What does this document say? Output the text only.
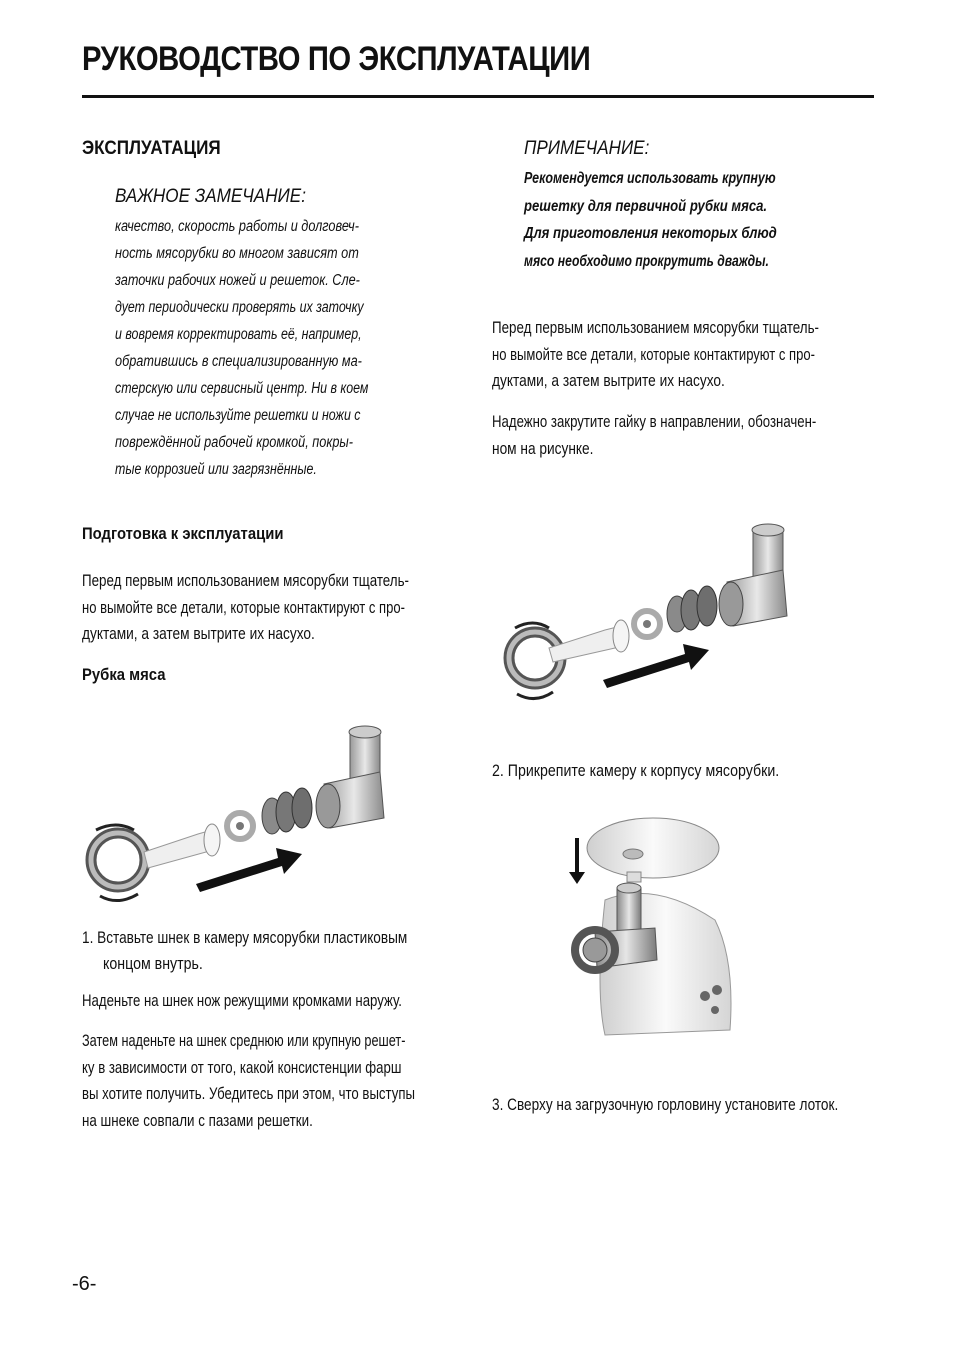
РУКОВОДСТВО ПО ЭКСПЛУАТАЦИИ
ЭКСПЛУАТАЦИЯ
ВАЖНОЕ ЗАМЕЧАНИЕ:

качество, скорость работы и долговеч-

ность мясорубки во многом зависят от

заточки рабочих ножей и решеток. Сле-

дует периодически проверять их заточку

и вовремя корректировать её, например,

обратившись в специализированную ма-

стерскую или сервисный центр. Ни в коем

случае не используйте решетки и ножи с

повреждённой рабочей кромкой, покры-

тые коррозией или загрязнённые.

Подготовка к эксплуатации

Перед первым использованием мясорубки тщатель-

но вымойте все детали, которые контактируют с про-

дуктами, а затем вытрите их насухо.

Рубка мяса
1. Вставьте шнек в камеру мясорубки пластиковым
концом внутрь.
Наденьте на шнек нож режущими кромками наружу.

Затем наденьте на шнек среднюю или крупную решет-

ку в зависимости от того, какой консистенции фарш

вы хотите получить. Убедитесь при этом, что выступы

на шнеке совпали с пазами решетки.

ПРИМЕЧАНИЕ:

Рекомендуется использовать крупную

решетку для первичной рубки мяса.

Для приготовления некоторых блюд

мясо необходимо прокрутить дважды.

Перед первым использованием мясорубки тщатель-

но вымойте все детали, которые контактируют с про-

дуктами, а затем вытрите их насухо.

Надежно закрутите гайку в направлении, обозначен-

ном на рисунке.

2. Прикрепите камеру к корпусу мясорубки.
3. Сверху на загрузочную горловину установите лоток.
-6-
